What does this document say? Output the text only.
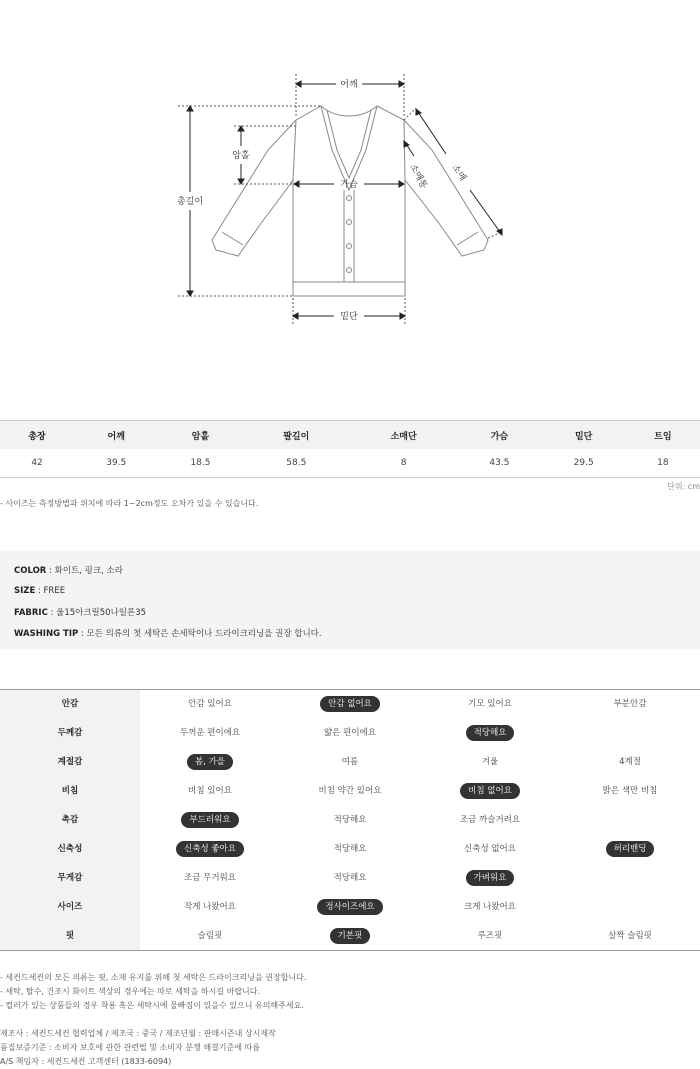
어깨
총길이
암홀
가슴
밑단
소매통 소매
총장	어깨	암홀	팔길이	소매단	가슴	밑단	트임
42	39.5	18.5	58.5	8	43.5	29.5	18
단위: cm
- 사이즈는 측정방법과 위치에 따라 1~2cm정도 오차가 있을 수 있습니다.
COLOR : 화이트, 핑크, 소라
SIZE : FREE
FABRIC : 울15아크릴50나일론35
WASHING TIP : 모든 의류의 첫 세탁은 손세탁이나 드라이크리닝을 권장 합니다.
안감	안감 있어요	안감 없어요	기모 있어요	부분안감
두께감	두꺼운 편이에요	얇은 편이에요	적당해요	
계절감	봄, 가을	여름	겨울	4계절
비침	비침 있어요	비침 약간 있어요	비침 없어요	밝은 색만 비침
촉감	부드러워요	적당해요	조금 까슬거려요	
신축성	신축성 좋아요	적당해요	신축성 없어요	허리밴딩
무게감	조금 무거워요	적당해요	가벼워요	
사이즈	작게 나왔어요	정사이즈에요	크게 나왔어요	
핏	슬림핏	기본핏	루즈핏	살짝 슬림핏
- 세컨드세컨의 모든 의류는 핏, 소재 유지를 위해 첫 세탁은 드라이크리닝을 권장합니다.
- 세탁, 탈수, 건조시 화이트 색상의 경우에는 따로 세탁을 하시길 바랍니다.
- 컬러가 있는 상품들의 경우 착용 혹은 세탁시에 물빠짐이 있을수 있으니 유의해주세요.
제조사 : 세컨드세컨 협력업체 / 제조국 : 중국 / 제조년월 : 판매시즌내 상시제작
품질보증기준 : 소비자 보호에 관한 관련법 및 소비자 분쟁 해결기준에 따름
A/S 책임자 : 세컨드세컨 고객센터 (1833-6094)
